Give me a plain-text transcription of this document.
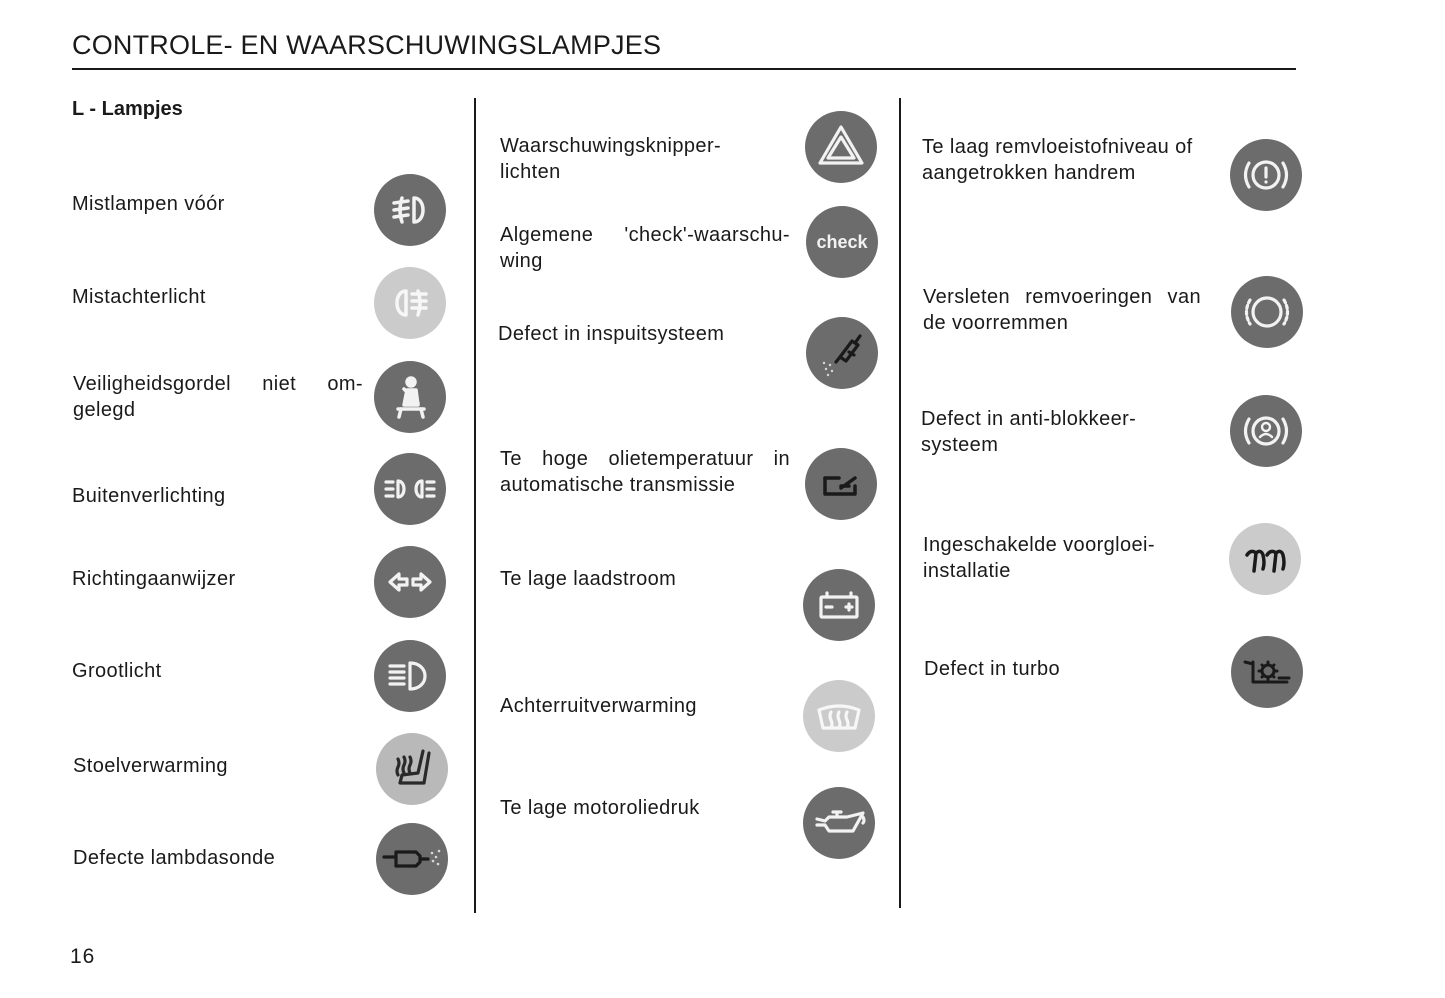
CONTROLE- EN WAARSCHUWINGSLAMPJES
L - Lampjes
Mistlampen vóór
Mistachterlicht
Veiligheidsgordel niet om-
gelegd
Buitenverlichting
Richtingaanwijzer
Grootlicht
Stoelverwarming
Defecte lambdasonde
Waarschuwingsknipper-
lichten
Algemene 'check'-waarschu-
wing
check
Defect in inspuitsysteem
Te hoge olietemperatuur in
automatische transmissie
Te lage laadstroom
Achterruitverwarming
Te lage motoroliedruk
Te laag remvloeistofniveau of
aangetrokken handrem
Versleten remvoeringen van
de voorremmen
Defect in anti-blokkeer-
systeem
Ingeschakelde voorgloei-
installatie
Defect in turbo
16
